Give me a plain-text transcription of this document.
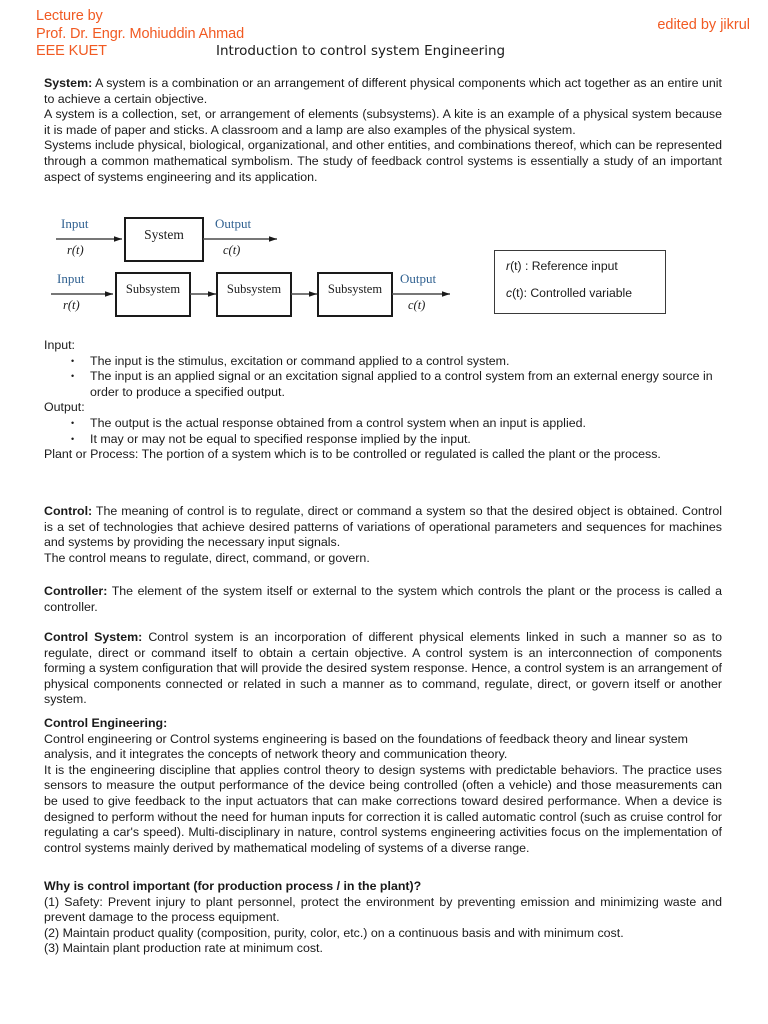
Lecture by
Prof. Dr. Engr. Mohiuddin Ahmad
EEE KUET
edited by jikrul
Introduction to control system Engineering

System: A system is a combination or an arrangement of different physical components which act together as an entire unit to achieve a certain objective.

A system is a collection, set, or arrangement of elements (subsystems). A kite is an example of a physical system because it is made of paper and sticks. A classroom and a lamp are also examples of the physical system.

Systems include physical, biological, organizational, and other entities, and combinations thereof, which can be represented through a common mathematical symbolism. The study of feedback control systems is essentially a study of an important aspect of systems engineering and its application.

Input
r(t)
System
Output
c(t)
Input
r(t)
Subsystem	Subsystem	Subsystem
Output
c(t)
r(t) : Reference input
c(t): Controlled variable

Input:

• The input is the stimulus, excitation or command applied to a control system.
• The input is an applied signal or an excitation signal applied to a control system from an external energy source in order to produce a specified output.

Output:

• The output is the actual response obtained from a control system when an input is applied.
• It may or may not be equal to specified response implied by the input.

Plant or Process: The portion of a system which is to be controlled or regulated is called the plant or the process.

Control: The meaning of control is to regulate, direct or command a system so that the desired object is obtained. Control is a set of technologies that achieve desired patterns of variations of operational parameters and sequences for machines and systems by providing the necessary input signals.

The control means to regulate, direct, command, or govern.

Controller: The element of the system itself or external to the system which controls the plant or the process is called a controller.

Control System: Control system is an incorporation of different physical elements linked in such a manner so as to regulate, direct or command itself to obtain a certain objective. A control system is an interconnection of components forming a system configuration that will provide the desired system response. Hence, a control system is an arrangement of physical components connected or related in such a manner as to command, regulate, direct, or govern itself or another system.

Control Engineering:

Control engineering or Control systems engineering is based on the foundations of feedback theory and linear system analysis, and it integrates the concepts of network theory and communication theory.

It is the engineering discipline that applies control theory to design systems with predictable behaviors. The practice uses sensors to measure the output performance of the device being controlled (often a vehicle) and those measurements can be used to give feedback to the input actuators that can make corrections toward desired performance. When a device is designed to perform without the need for human inputs for correction it is called automatic control (such as cruise control for regulating a car's speed). Multi-disciplinary in nature, control systems engineering activities focus on the implementation of control systems mainly derived by mathematical modeling of systems of a diverse range.

Why is control important (for production process / in the plant)?

(1) Safety: Prevent injury to plant personnel, protect the environment by preventing emission and minimizing waste and prevent damage to the process equipment.

(2) Maintain product quality (composition, purity, color, etc.) on a continuous basis and with minimum cost.

(3) Maintain plant production rate at minimum cost.
